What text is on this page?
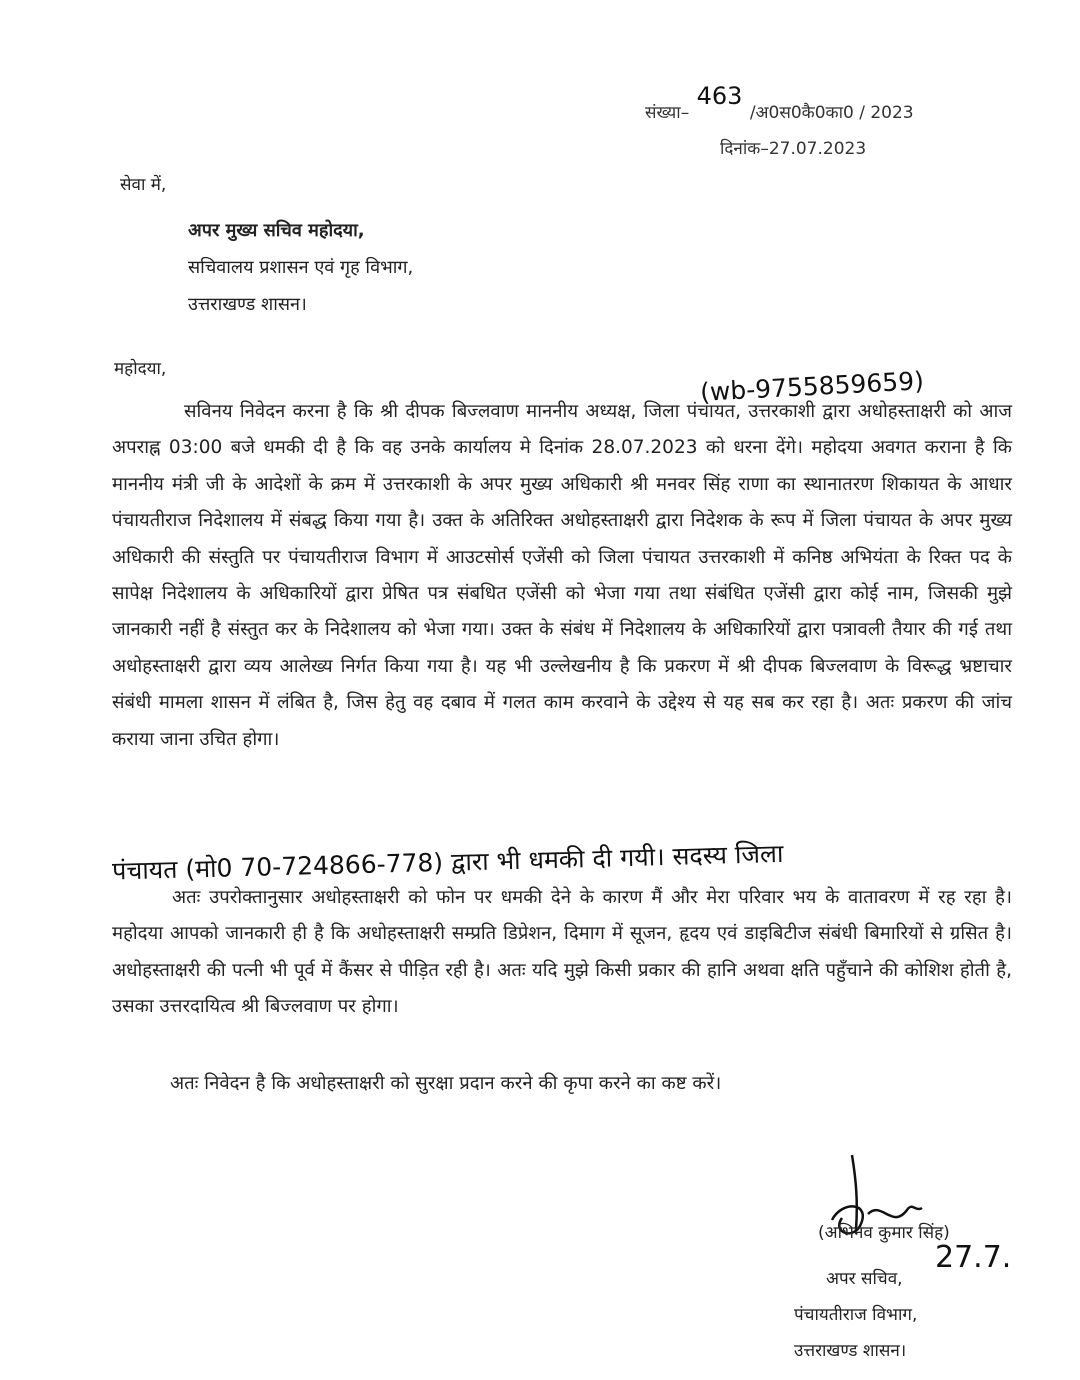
संख्या– 463 /अ0स0कै0का0 / 2023
दिनांक–27.07.2023
सेवा में,
अपर मुख्य सचिव महोदया,
सचिवालय प्रशासन एवं गृह विभाग,
उत्तराखण्ड शासन।
महोदया,	(wb-9755859659)
सविनय निवेदन करना है कि श्री दीपक बिज्लवाण माननीय अध्यक्ष, जिला पंचायत, उत्तरकाशी द्वारा अधोहस्ताक्षरी को आज अपराह्न 03:00 बजे धमकी दी है कि वह उनके कार्यालय मे दिनांक 28.07.2023 को धरना देंगे। महोदया अवगत कराना है कि माननीय मंत्री जी के आदेशों के क्रम में उत्तरकाशी के अपर मुख्य अधिकारी श्री मनवर सिंह राणा का स्थानातरण शिकायत के आधार पंचायतीराज निदेशालय में संबद्ध किया गया है। उक्त के अतिरिक्त अधोहस्ताक्षरी द्वारा निदेशक के रूप में जिला पंचायत के अपर मुख्य अधिकारी की संस्तुति पर पंचायतीराज विभाग में आउटसोर्स एजेंसी को जिला पंचायत उत्तरकाशी में कनिष्ठ अभियंता के रिक्त पद के सापेक्ष निदेशालय के अधिकारियों द्वारा प्रेषित पत्र संबधित एजेंसी को भेजा गया तथा संबंधित एजेंसी द्वारा कोई नाम, जिसकी मुझे जानकारी नहीं है संस्तुत कर के निदेशालय को भेजा गया। उक्त के संबंध में निदेशालय के अधिकारियों द्वारा पत्रावली तैयार की गई तथा अधोहस्ताक्षरी द्वारा व्यय आलेख्य निर्गत किया गया है। यह भी उल्लेखनीय है कि प्रकरण में श्री दीपक बिज्लवाण के विरूद्ध भ्रष्टाचार संबंधी मामला शासन में लंबित है, जिस हेतु वह दबाव में गलत काम करवाने के उद्देश्य से यह सब कर रहा है। अतः प्रकरण की जांच कराया जाना उचित होगा।
पंचायत (मो0 70-724866-778) द्वारा भी धमकी दी गयी। सदस्य जिला
अतः उपरोक्तानुसार अधोहस्ताक्षरी को फोन पर धमकी देने के कारण मैं और मेरा परिवार भय के वातावरण में रह रहा है। महोदया आपको जानकारी ही है कि अधोहस्ताक्षरी सम्प्रति डिप्रेशन, दिमाग में सूजन, हृदय एवं डाइबिटीज संबंधी बिमारियों से ग्रसित है। अधोहस्ताक्षरी की पत्नी भी पूर्व में कैंसर से पीड़ित रही है। अतः यदि मुझे किसी प्रकार की हानि अथवा क्षति पहुँचाने की कोशिश होती है, उसका उत्तरदायित्व श्री बिज्लवाण पर होगा।
अतः निवेदन है कि अधोहस्ताक्षरी को सुरक्षा प्रदान करने की कृपा करने का कष्ट करें।
(अभिनव कुमार सिंह)
27.7.
अपर सचिव,
पंचायतीराज विभाग,
उत्तराखण्ड शासन।
